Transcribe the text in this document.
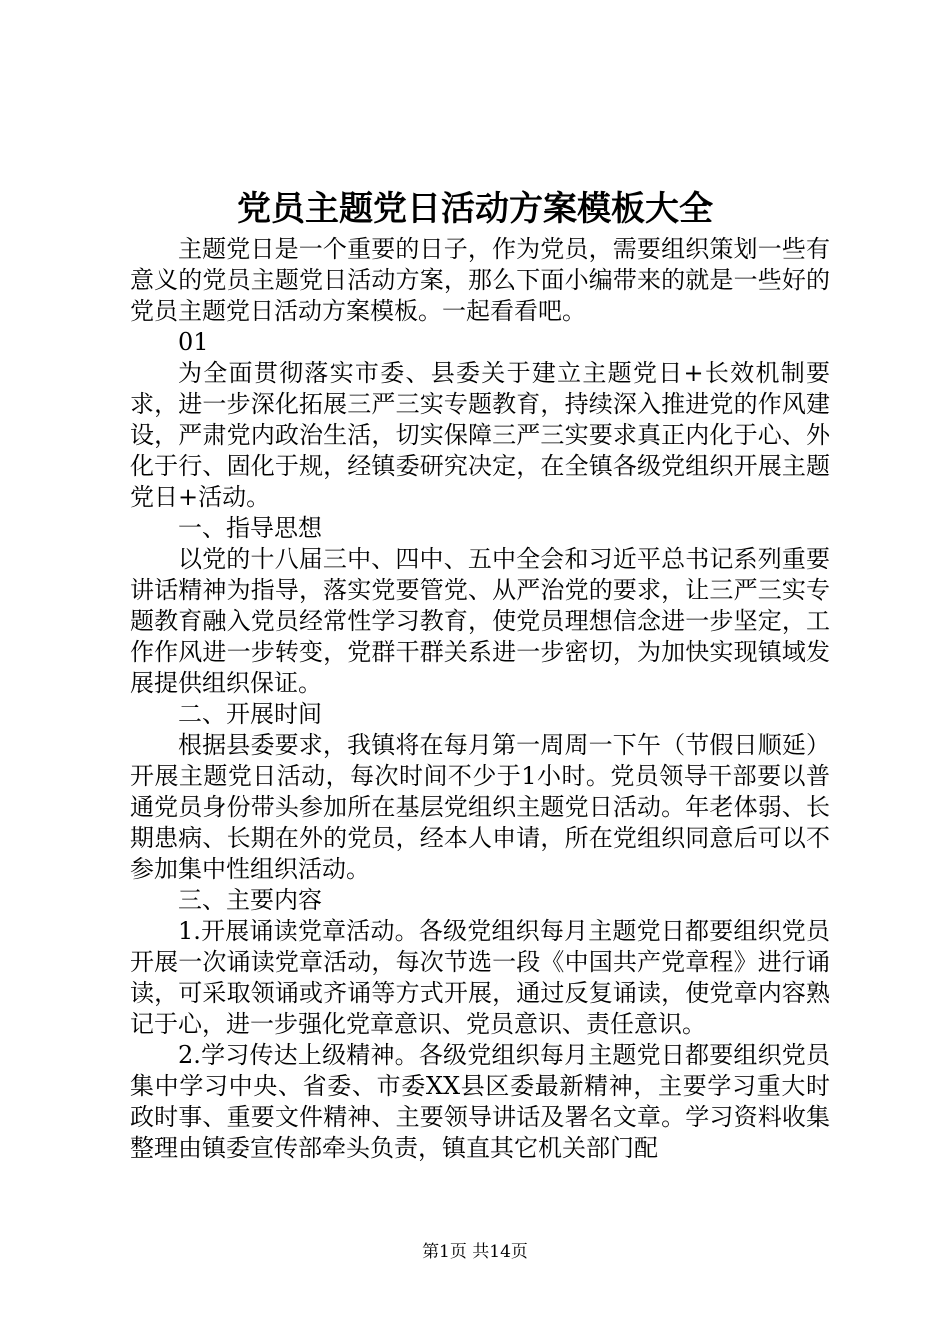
党员主题党日活动方案模板大全

主题党日是一个重要的日子，作为党员，需要组织策划一些有意义的党员主题党日活动方案，那么下面小编带来的就是一些好的党员主题党日活动方案模板。一起看看吧。

01

为全面贯彻落实市委、县委关于建立主题党日+长效机制要求，进一步深化拓展三严三实专题教育，持续深入推进党的作风建设，严肃党内政治生活，切实保障三严三实要求真正内化于心、外化于行、固化于规，经镇委研究决定，在全镇各级党组织开展主题党日+活动。

一、指导思想

以党的十八届三中、四中、五中全会和习近平总书记系列重要讲话精神为指导，落实党要管党、从严治党的要求，让三严三实专题教育融入党员经常性学习教育，使党员理想信念进一步坚定，工作作风进一步转变，党群干群关系进一步密切，为加快实现镇域发展提供组织保证。

二、开展时间

根据县委要求，我镇将在每月第一周周一下午（节假日顺延）开展主题党日活动，每次时间不少于1小时。党员领导干部要以普通党员身份带头参加所在基层党组织主题党日活动。年老体弱、长期患病、长期在外的党员，经本人申请，所在党组织同意后可以不参加集中性组织活动。

三、主要内容

1.开展诵读党章活动。各级党组织每月主题党日都要组织党员开展一次诵读党章活动，每次节选一段《中国共产党章程》进行诵读，可采取领诵或齐诵等方式开展，通过反复诵读，使党章内容熟记于心，进一步强化党章意识、党员意识、责任意识。

2.学习传达上级精神。各级党组织每月主题党日都要组织党员集中学习中央、省委、市委XX县区委最新精神，主要学习重大时政时事、重要文件精神、主要领导讲话及署名文章。学习资料收集整理由镇委宣传部牵头负责，镇直其它机关部门配

第1页 共14页
